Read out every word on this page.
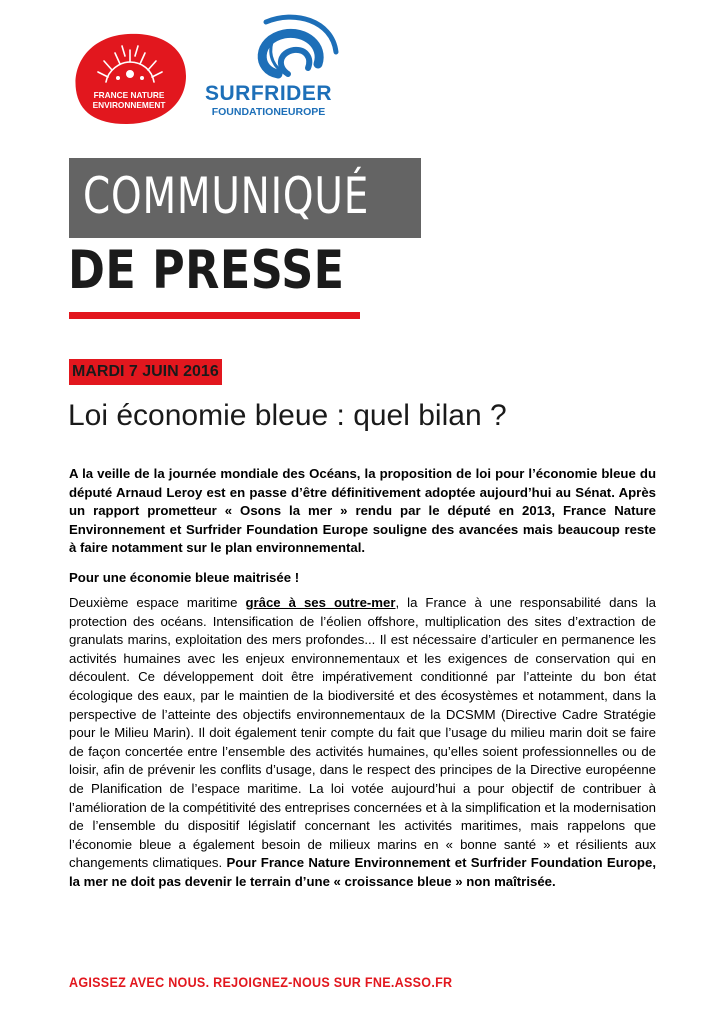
FRANCE NATURE
ENVIRONNEMENT	SURFRIDER
FOUNDATIONEUROPE
COMMUNIQUÉ
DE PRESSE
MARDI 7 JUIN 2016
Loi économie bleue : quel bilan ?
A la veille de la journée mondiale des Océans, la proposition de loi pour l’économie bleue du député Arnaud Leroy est en passe d’être définitivement adoptée aujourd’hui au Sénat. Après un rapport prometteur « Osons la mer » rendu par le député en 2013, France Nature Environnement et Surfrider Foundation Europe souligne des avancées mais beaucoup reste à faire notamment sur le plan environnemental.
Pour une économie bleue maitrisée !
Deuxième espace maritime grâce à ses outre-mer, la France à une responsabilité dans la protection des océans. Intensification de l’éolien offshore, multiplication des sites d’extraction de granulats marins, exploitation des mers profondes... Il est nécessaire d’articuler en permanence les activités humaines avec les enjeux environnementaux et les exigences de conservation qui en découlent. Ce développement doit être impérativement conditionné par l’atteinte du bon état écologique des eaux, par le maintien de la biodiversité et des écosystèmes et notamment, dans la perspective de l’atteinte des objectifs environnementaux de la DCSMM (Directive Cadre Stratégie pour le Milieu Marin). Il doit également tenir compte du fait que l’usage du milieu marin doit se faire de façon concertée entre l’ensemble des activités humaines, qu’elles soient professionnelles ou de loisir, afin de prévenir les conflits d’usage, dans le respect des principes de la Directive européenne de Planification de l’espace maritime. La loi votée aujourd’hui a pour objectif de contribuer à l’amélioration de la compétitivité des entreprises concernées et à la simplification et la modernisation de l’ensemble du dispositif législatif concernant les activités maritimes, mais rappelons que l’économie bleue a également besoin de milieux marins en « bonne santé » et résilients aux changements climatiques. Pour France Nature Environnement et Surfrider Foundation Europe, la mer ne doit pas devenir le terrain d’une « croissance bleue » non maîtrisée.
AGISSEZ AVEC NOUS. REJOIGNEZ-NOUS SUR FNE.ASSO.FR
